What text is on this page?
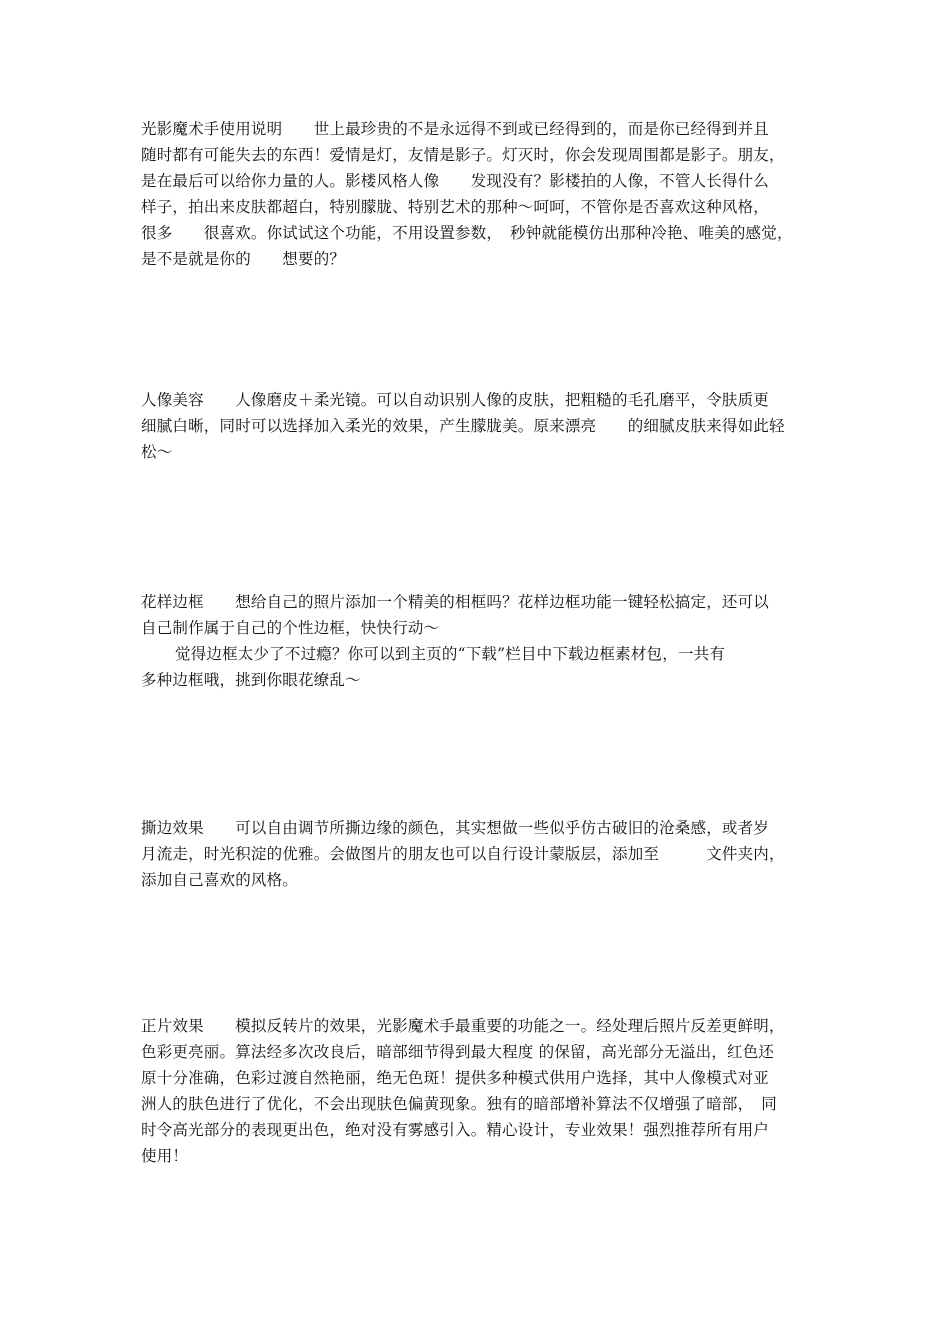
光影魔术手使用说明　　世上最珍贵的不是永远得不到或已经得到的，而是你已经得到并且
随时都有可能失去的东西！爱情是灯，友情是影子。灯灭时，你会发现周围都是影子。朋友，
是在最后可以给你力量的人。影楼风格人像　　发现没有？影楼拍的人像，不管人长得什么
样子，拍出来皮肤都超白，特别朦胧、特别艺术的那种～呵呵，不管你是否喜欢这种风格，
很多　　很喜欢。你试试这个功能，不用设置参数，　秒钟就能模仿出那种冷艳、唯美的感觉，
是不是就是你的　　想要的？
人像美容　　人像磨皮＋柔光镜。可以自动识别人像的皮肤，把粗糙的毛孔磨平，令肤质更
细腻白晰，同时可以选择加入柔光的效果，产生朦胧美。原来漂亮　　的细腻皮肤来得如此轻
松～
花样边框　　想给自己的照片添加一个精美的相框吗？花样边框功能一键轻松搞定，还可以
自己制作属于自己的个性边框，快快行动～
觉得边框太少了不过瘾？你可以到主页的“下载”栏目中下载边框素材包，一共有
多种边框哦，挑到你眼花缭乱～
撕边效果　　可以自由调节所撕边缘的颜色，其实想做一些似乎仿古破旧的沧桑感，或者岁
月流走，时光积淀的优雅。会做图片的朋友也可以自行设计蒙版层，添加至　　　文件夹内，
添加自己喜欢的风格。
正片效果　　模拟反转片的效果，光影魔术手最重要的功能之一。经处理后照片反差更鲜明，
色彩更亮丽。算法经多次改良后，暗部细节得到最大程度 的保留，高光部分无溢出，红色还
原十分准确，色彩过渡自然艳丽，绝无色斑！提供多种模式供用户选择，其中人像模式对亚
洲人的肤色进行了优化，不会出现肤色偏黄现象。独有的暗部增补算法不仅增强了暗部，　同
时令高光部分的表现更出色，绝对没有雾感引入。精心设计，专业效果！强烈推荐所有用户
使用！
